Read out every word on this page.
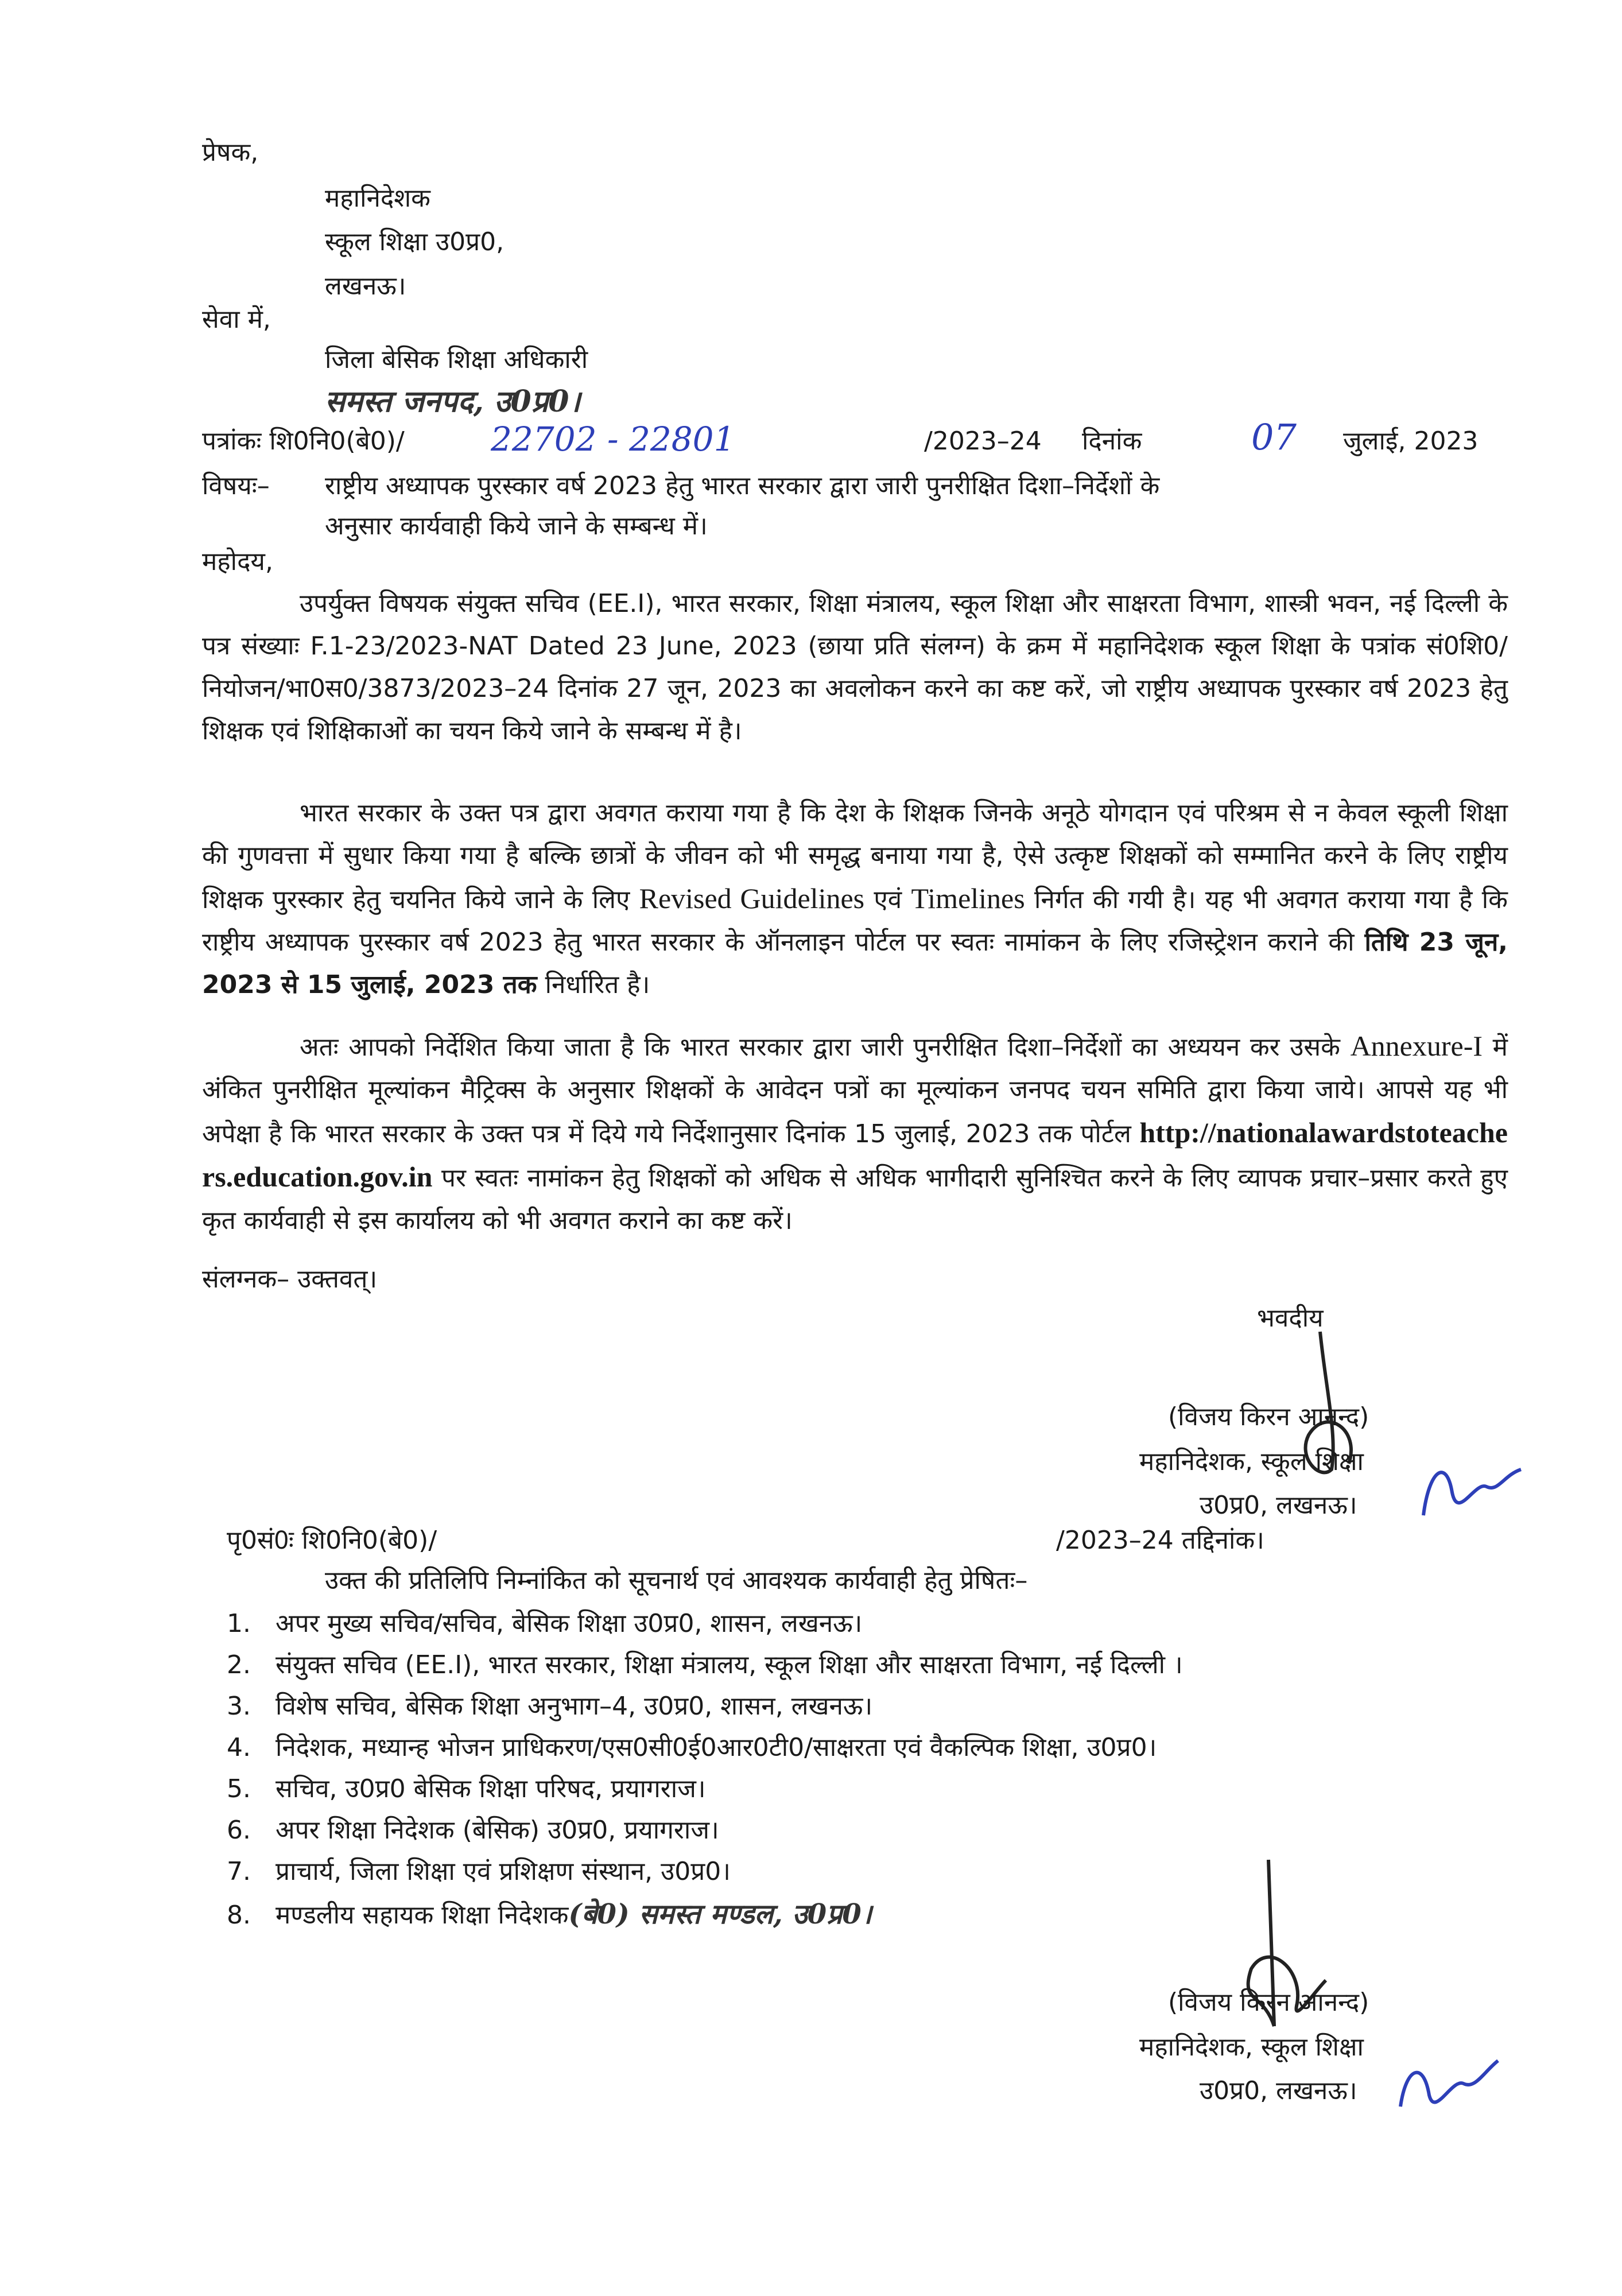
प्रेषक,
महानिदेशक
स्कूल शिक्षा उ0प्र0,
लखनऊ।
सेवा में,
जिला बेसिक शिक्षा अधिकारी
समस्त जनपद, उ0प्र0।
पत्रांकः शि0नि0(बे0)/	22702 - 22801	/2023–24 दिनांक	07 जुलाई, 2023
विषयः– राष्ट्रीय अध्यापक पुरस्कार वर्ष 2023 हेतु भारत सरकार द्वारा जारी पुनरीक्षित दिशा–निर्देशों के
अनुसार कार्यवाही किये जाने के सम्बन्ध में।
महोदय,
उपर्युक्त विषयक संयुक्त सचिव (EE.I), भारत सरकार, शिक्षा मंत्रालय, स्कूल शिक्षा और साक्षरता विभाग, शास्त्री भवन, नई दिल्ली के पत्र संख्याः F.1-23/2023-NAT Dated 23 June, 2023 (छाया प्रति संलग्न) के क्रम में महानिदेशक स्कूल शिक्षा के पत्रांक सं0शि0/नियोजन/भा0स0/3873/2023–24 दिनांक 27 जून, 2023 का अवलोकन करने का कष्ट करें, जो राष्ट्रीय अध्यापक पुरस्कार वर्ष 2023 हेतु शिक्षक एवं शिक्षिकाओं का चयन किये जाने के सम्बन्ध में है।
भारत सरकार के उक्त पत्र द्वारा अवगत कराया गया है कि देश के शिक्षक जिनके अनूठे योगदान एवं परिश्रम से न केवल स्कूली शिक्षा की गुणवत्ता में सुधार किया गया है बल्कि छात्रों के जीवन को भी समृद्ध बनाया गया है, ऐसे उत्कृष्ट शिक्षकों को सम्मानित करने के लिए राष्ट्रीय शिक्षक पुरस्कार हेतु चयनित किये जाने के लिए Revised Guidelines एवं Timelines निर्गत की गयी है। यह भी अवगत कराया गया है कि राष्ट्रीय अध्यापक पुरस्कार वर्ष 2023 हेतु भारत सरकार के ऑनलाइन पोर्टल पर स्वतः नामांकन के लिए रजिस्ट्रेशन कराने की तिथि 23 जून, 2023 से 15 जुलाई, 2023 तक निर्धारित है।
अतः आपको निर्देशित किया जाता है कि भारत सरकार द्वारा जारी पुनरीक्षित दिशा–निर्देशों का अध्ययन कर उसके Annexure-I में अंकित पुनरीक्षित मूल्यांकन मैट्रिक्स के अनुसार शिक्षकों के आवेदन पत्रों का मूल्यांकन जनपद चयन समिति द्वारा किया जाये। आपसे यह भी अपेक्षा है कि भारत सरकार के उक्त पत्र में दिये गये निर्देशानुसार दिनांक 15 जुलाई, 2023 तक पोर्टल http://nationalawardstoteachers.education.gov.in पर स्वतः नामांकन हेतु शिक्षकों को अधिक से अधिक भागीदारी सुनिश्चित करने के लिए व्यापक प्रचार–प्रसार करते हुए कृत कार्यवाही से इस कार्यालय को भी अवगत कराने का कष्ट करें।
संलग्नक– उक्तवत्।
भवदीय
(विजय किरन आनन्द)
महानिदेशक, स्कूल शिक्षा
उ0प्र0, लखनऊ।
पृ0सं0ः शि0नि0(बे0)/	/2023–24 तद्दिनांक।
उक्त की प्रतिलिपि निम्नांकित को सूचनार्थ एवं आवश्यक कार्यवाही हेतु प्रेषितः–
1. अपर मुख्य सचिव/सचिव, बेसिक शिक्षा उ0प्र0, शासन, लखनऊ।
2. संयुक्त सचिव (EE.I), भारत सरकार, शिक्षा मंत्रालय, स्कूल शिक्षा और साक्षरता विभाग, नई दिल्ली ।
3. विशेष सचिव, बेसिक शिक्षा अनुभाग–4, उ0प्र0, शासन, लखनऊ।
4. निदेशक, मध्यान्ह भोजन प्राधिकरण/एस0सी0ई0आर0टी0/साक्षरता एवं वैकल्पिक शिक्षा, उ0प्र0।
5. सचिव, उ0प्र0 बेसिक शिक्षा परिषद, प्रयागराज।
6. अपर शिक्षा निदेशक (बेसिक) उ0प्र0, प्रयागराज।
7. प्राचार्य, जिला शिक्षा एवं प्रशिक्षण संस्थान, उ0प्र0।
8. मण्डलीय सहायक शिक्षा निदेशक(बे0) समस्त मण्डल, उ0प्र0।
(विजय किरन आनन्द)
महानिदेशक, स्कूल शिक्षा
उ0प्र0, लखनऊ।
